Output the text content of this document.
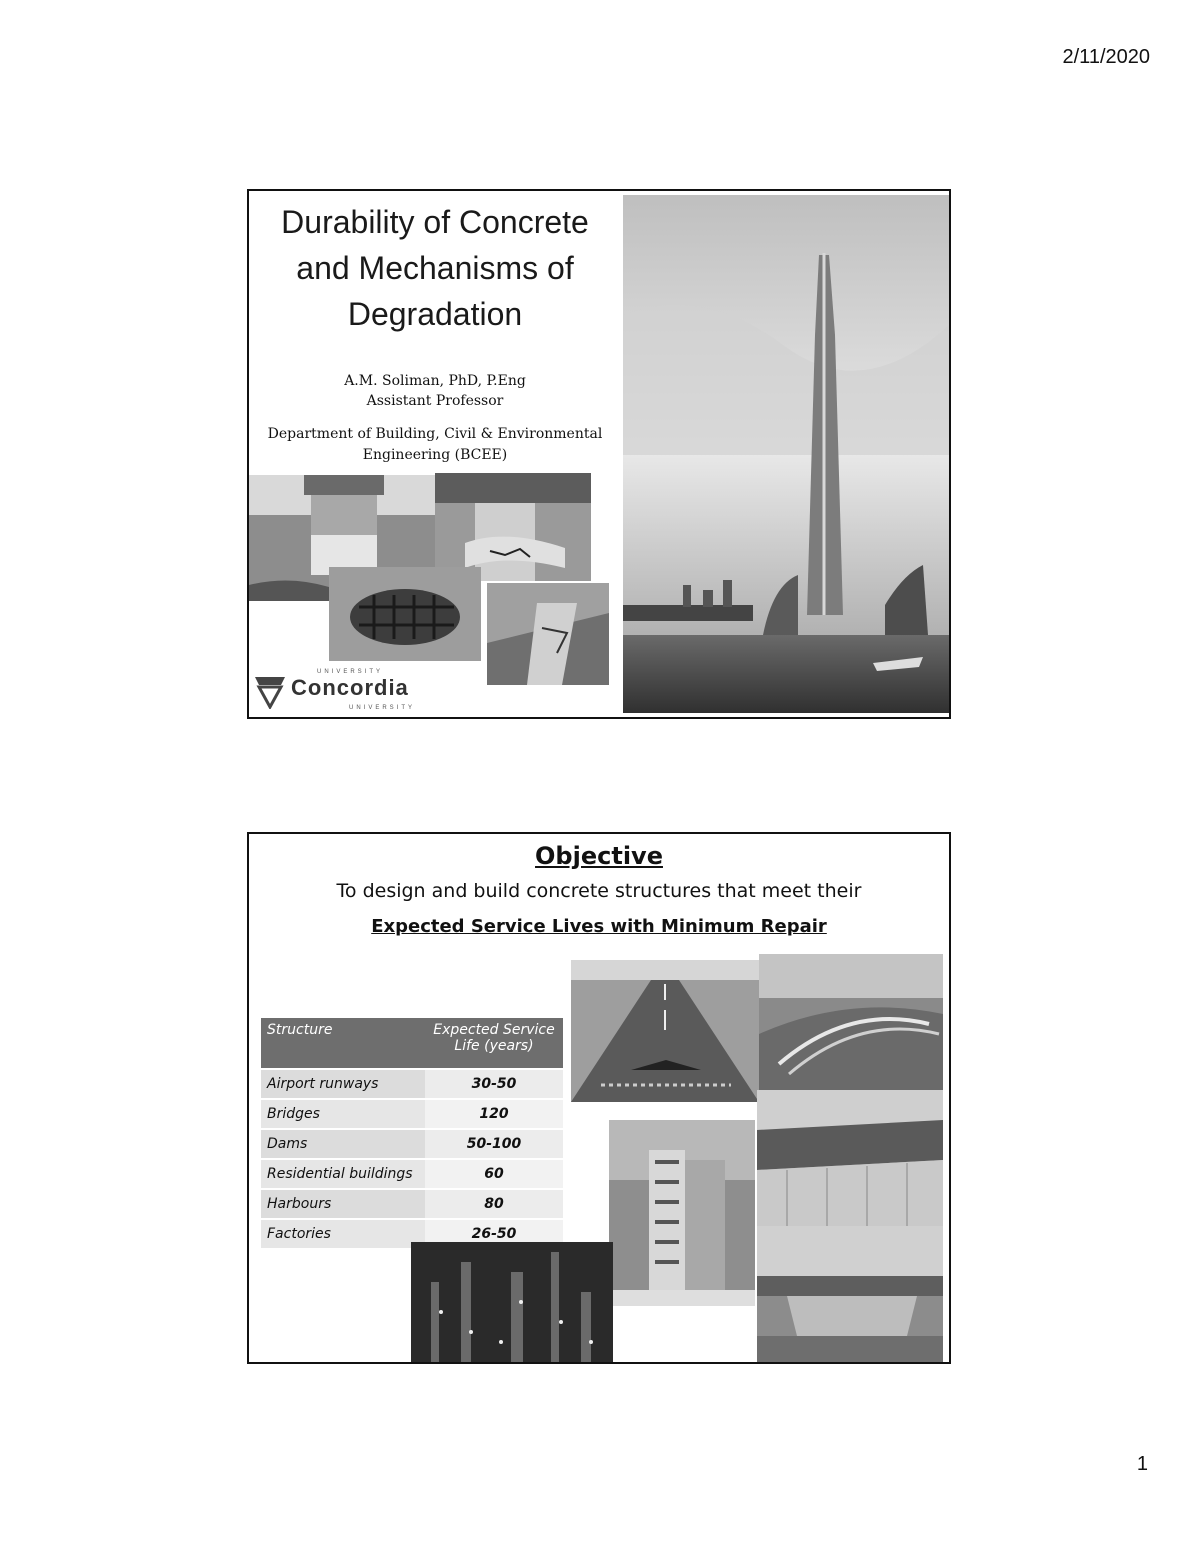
2/11/2020
Durability of Concrete
and Mechanisms of
Degradation
A.M. Soliman, PhD, P.Eng
Assistant Professor
Department of Building, Civil & Environmental
Engineering (BCEE)
UNIVERSITY
Concordia
UNIVERSITY
Objective
To design and build concrete structures that meet their
Expected Service Lives with Minimum Repair
Structure	Expected Service Life (years)
Airport runways	30-50
Bridges	120
Dams	50-100
Residential buildings	60
Harbours	80
Factories	26-50
1
